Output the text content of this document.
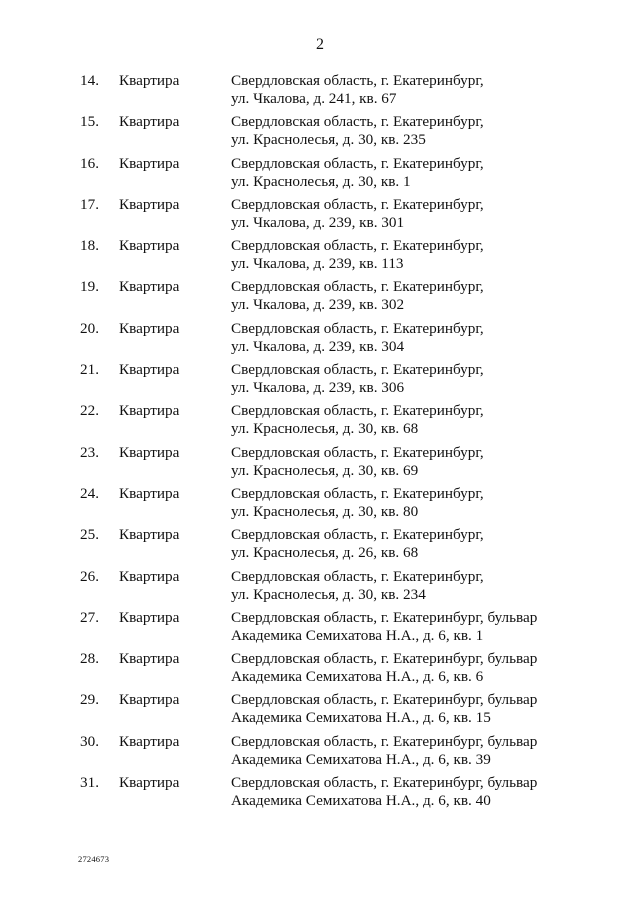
2
14. Квартира	Свердловская область, г. Екатеринбург,
ул. Чкалова, д. 241, кв. 67
15. Квартира	Свердловская область, г. Екатеринбург,
ул. Краснолесья, д. 30, кв. 235
16. Квартира	Свердловская область, г. Екатеринбург,
ул. Краснолесья, д. 30, кв. 1
17. Квартира	Свердловская область, г. Екатеринбург,
ул. Чкалова, д. 239, кв. 301
18. Квартира	Свердловская область, г. Екатеринбург,
ул. Чкалова, д. 239, кв. 113
19. Квартира	Свердловская область, г. Екатеринбург,
ул. Чкалова, д. 239, кв. 302
20. Квартира	Свердловская область, г. Екатеринбург,
ул. Чкалова, д. 239, кв. 304
21. Квартира	Свердловская область, г. Екатеринбург,
ул. Чкалова, д. 239, кв. 306
22. Квартира	Свердловская область, г. Екатеринбург,
ул. Краснолесья, д. 30, кв. 68
23. Квартира	Свердловская область, г. Екатеринбург,
ул. Краснолесья, д. 30, кв. 69
24. Квартира	Свердловская область, г. Екатеринбург,
ул. Краснолесья, д. 30, кв. 80
25. Квартира	Свердловская область, г. Екатеринбург,
ул. Краснолесья, д. 26, кв. 68
26. Квартира	Свердловская область, г. Екатеринбург,
ул. Краснолесья, д. 30, кв. 234
27. Квартира	Свердловская область, г. Екатеринбург, бульвар
Академика Семихатова Н.А., д. 6, кв. 1
28. Квартира	Свердловская область, г. Екатеринбург, бульвар
Академика Семихатова Н.А., д. 6, кв. 6
29. Квартира	Свердловская область, г. Екатеринбург, бульвар
Академика Семихатова Н.А., д. 6, кв. 15
30. Квартира	Свердловская область, г. Екатеринбург, бульвар
Академика Семихатова Н.А., д. 6, кв. 39
31. Квартира	Свердловская область, г. Екатеринбург, бульвар
Академика Семихатова Н.А., д. 6, кв. 40
2724673
